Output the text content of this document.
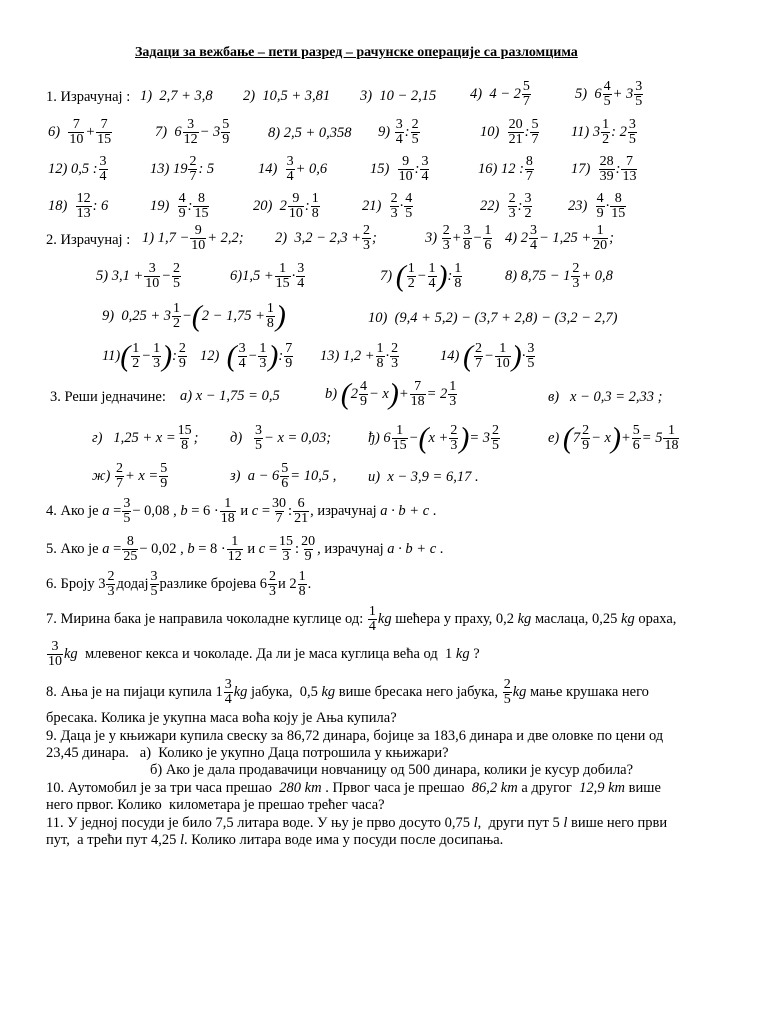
Задаци за вежбање – пети разред – рачунске операције са разломцима
1. Израчунај : 1)  2,7 + 3,8 2)  10,5 + 3,81 3)  10 − 2,15 4)  $4 - 2 \frac{5}{7}$	5)  $6 \frac{4}{5} + 3 \frac{3}{5}$
$6) \frac{7}{10} + \frac{7}{15}$	7)  $6 \frac{3}{12} - 3 \frac{5}{9}$	8) 2,5 + 0,358 $9) \frac{3}{4}$ : $\frac{2}{5}$	$10) \frac{20}{21}$ : $\frac{5}{7} 11$) $3 \frac{1}{2}$ : $2 \frac{3}{5}$
12) 0,5 : $\frac{3}{4}$	13) $19 \frac{2}{7}$ : 5	$14) \frac{3}{4} + 0,6$	$15) \frac{9}{10}$ : $\frac{3}{4}$	16) 12 : $\frac{8}{7}$	$17) \frac{28}{39}$ : $\frac{7}{13}$
$18) \frac{12}{13}$ : 6	$19) \frac{4}{9}$ : $\frac{8}{15}$	20)  $2 \frac{9}{10}$ : $\frac{1}{8}$	$21) \frac{2}{3} \cdot \frac{4}{5}$	$22) \frac{2}{3}$ : $\frac{3}{2} 23) \frac{4}{9} \cdot \frac{8}{15}$
2. Израчунај : 1) $1,7 - \frac{9}{10} + 2,2$; 2)  $3,2 - 2,3 + \frac{2}{3}$ ;	$3) \frac{2}{3} + \frac{3}{8} - \frac{1}{6} 4$) $2 \frac{3}{4} - 1,25 + \frac{1}{20}$ ;
5) $3,1 + \frac{3}{10} - \frac{2}{5}$	$6)1,5 + \frac{1}{15} \cdot \frac{3}{4}$	7) ( $\frac{1}{2} - \frac{1}{4}$ ): $\frac{1}{8}$	8) $8,75 - 1 \frac{2}{3} + 0,8$
9)  $0,25 + 3 \frac{1}{2} -(2 - 1,75 + \frac{1}{8}$ )	10)  (9,4 + 5,2) − (3,7 + 2,8) − (3,2 − 2,7)
$11)( \frac{1}{2} - \frac{1}{3}$ ): $\frac{2}{9} 12$)  ( $\frac{3}{4} - \frac{1}{3}$ ): $\frac{7}{9} 13$) $1,2 + \frac{1}{8} \cdot \frac{2}{3}$	14) ( $\frac{2}{7} - \frac{1}{10}$ )· $\frac{3}{5}$
3. Реши једначине: a) x − 1,75 = 0,5	b) $(2 \frac{4}{9} - x)+ \frac{7}{18} = 2 \frac{1}{3}$	в)   x − 0,3 = 2,33 ;
г)   $1,25 + x = \frac{15}{8}$ ; $д) \frac{3}{5} - x = 0,03$;	ђ) $6 \frac{1}{15} -(x + \frac{2}{3}$ )= $3 \frac{2}{5}$	е) $(7 \frac{2}{9} - x)+ \frac{5}{6} = 5 \frac{1}{18}$
$ж) \frac{2}{7} + x = \frac{5}{9}$	з)  $a - 6 \frac{5}{6} = 10,5$ , и)  x − 3,9 = 6,17 .
4. Ако је $a = \frac{3}{5} - 0,08$ , $b = 6 \cdot \frac{1}{18}$ и $c = \frac{30}{7}$ : $\frac{6}{21}$ , израчунај a · b + c .
5. Ако је $a = \frac{8}{25} - 0,02$ , $b = 8 \cdot \frac{1}{12}$ и $c = \frac{15}{3}$ : $\frac{20}{9}$ , израчунај a · b + c .
6. Броју $3 \frac{2}{3}$ додај $\frac{3}{5}$ разлике бројева $6 \frac{2}{3}$ и $2 \frac{1}{8}$ .
7. Мирина бака је направила чоколадне куглице од: $\frac{1}{4}$ kg шећера у праху, 0,2 kg маслаца, 0,25 kg ораха,
$\frac{3}{10}$ kg  млевеног кекса и чоколаде. Да ли је маса куглица већа од  1 kg ?
8. Ања је на пијаци купила $1 \frac{3}{4}$ kg јабука,  0,5 kg више бресака него јабука, $\frac{2}{5}$ kg мање крушака него
бресака. Колика је укупна маса воћа коју је Ања купила?
9. Даца је у књижари купила свеску за 86,72 динара, бојице за 183,6 динара и две оловке по цени од
23,45 динара.   а)  Колико је укупно Даца потрошила у књижари?
б) Ако је дала продавачици новчаницу од 500 динара, колики је кусур добила?
10. Аутомобил је за три часа прешао  280 km . Првог часа је прешао  86,2 km а другог  12,9 km више
него првог. Колико  километара је прешао трећег часа?
11. У једној посуди је било 7,5 литара воде. У њу је прво досуто 0,75 l,  други пут 5 l више него први
пут,  а трећи пут 4,25 l. Колико литара воде има у посуди после досипања.
